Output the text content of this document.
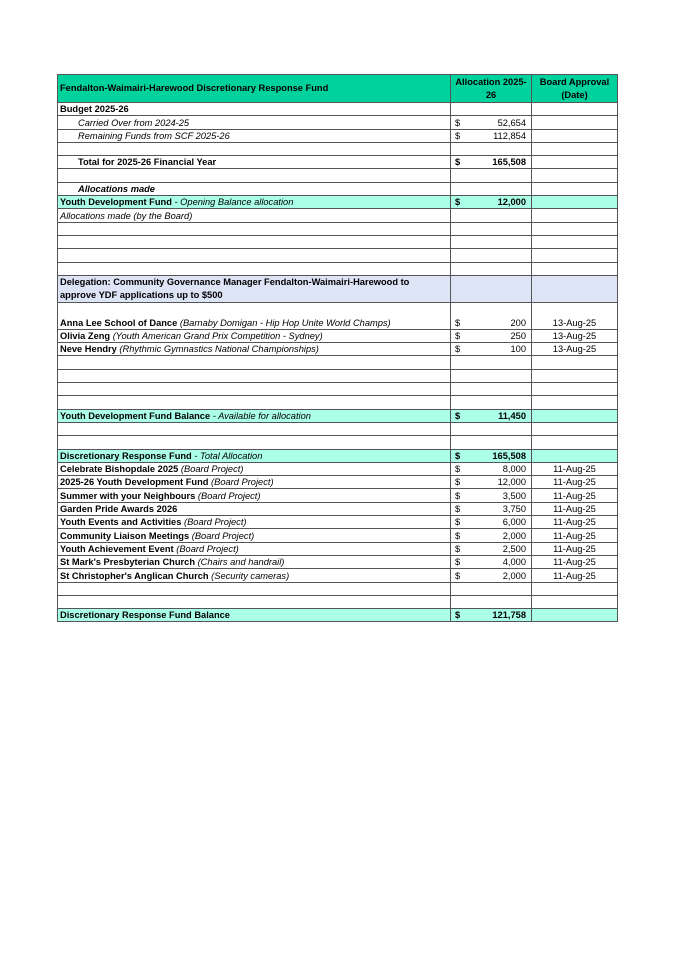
Fendalton-Waimairi-Harewood Discretionary Response Fund	Allocation 2025-26	Board Approval (Date)
Budget 2025-26		
Carried Over from 2024-25	$ 52,654	

Remaining Funds from SCF 2025-26	$ 112,854	

Total for 2025-26 Financial Year	$ 165,508	

Allocations made		
Youth Development Fund - Opening Balance allocation	$ 12,000	

Allocations made (by the Board)		

Delegation: Community Governance Manager Fendalton-Waimairi-Harewood to approve YDF applications up to $500		
Anna Lee School of Dance (Barnaby Domigan - Hip Hop Unite World Champs)	$ 200	13-Aug-25
Olivia Zeng (Youth American Grand Prix Competition - Sydney)	$ 250	13-Aug-25
Neve Hendry (Rhythmic Gymnastics National Championships)	$ 100	13-Aug-25

Youth Development Fund Balance - Available for allocation	$ 11,450	

Discretionary Response Fund - Total Allocation	$ 165,508	

Celebrate Bishopdale 2025 (Board Project)	$ 8,000	11-Aug-25
2025-26 Youth Development Fund (Board Project)	$ 12,000	11-Aug-25
Summer with your Neighbours (Board Project)	$ 3,500	11-Aug-25
Garden Pride Awards 2026	$ 3,750	11-Aug-25
Youth Events and Activities (Board Project)	$ 6,000	11-Aug-25
Community Liaison Meetings (Board Project)	$ 2,000	11-Aug-25
Youth Achievement Event (Board Project)	$ 2,500	11-Aug-25
St Mark's Presbyterian Church (Chairs and handrail)	$ 4,000	11-Aug-25
St Christopher's Anglican Church (Security cameras)	$ 2,000	11-Aug-25

Discretionary Response Fund Balance	$ 121,758	
